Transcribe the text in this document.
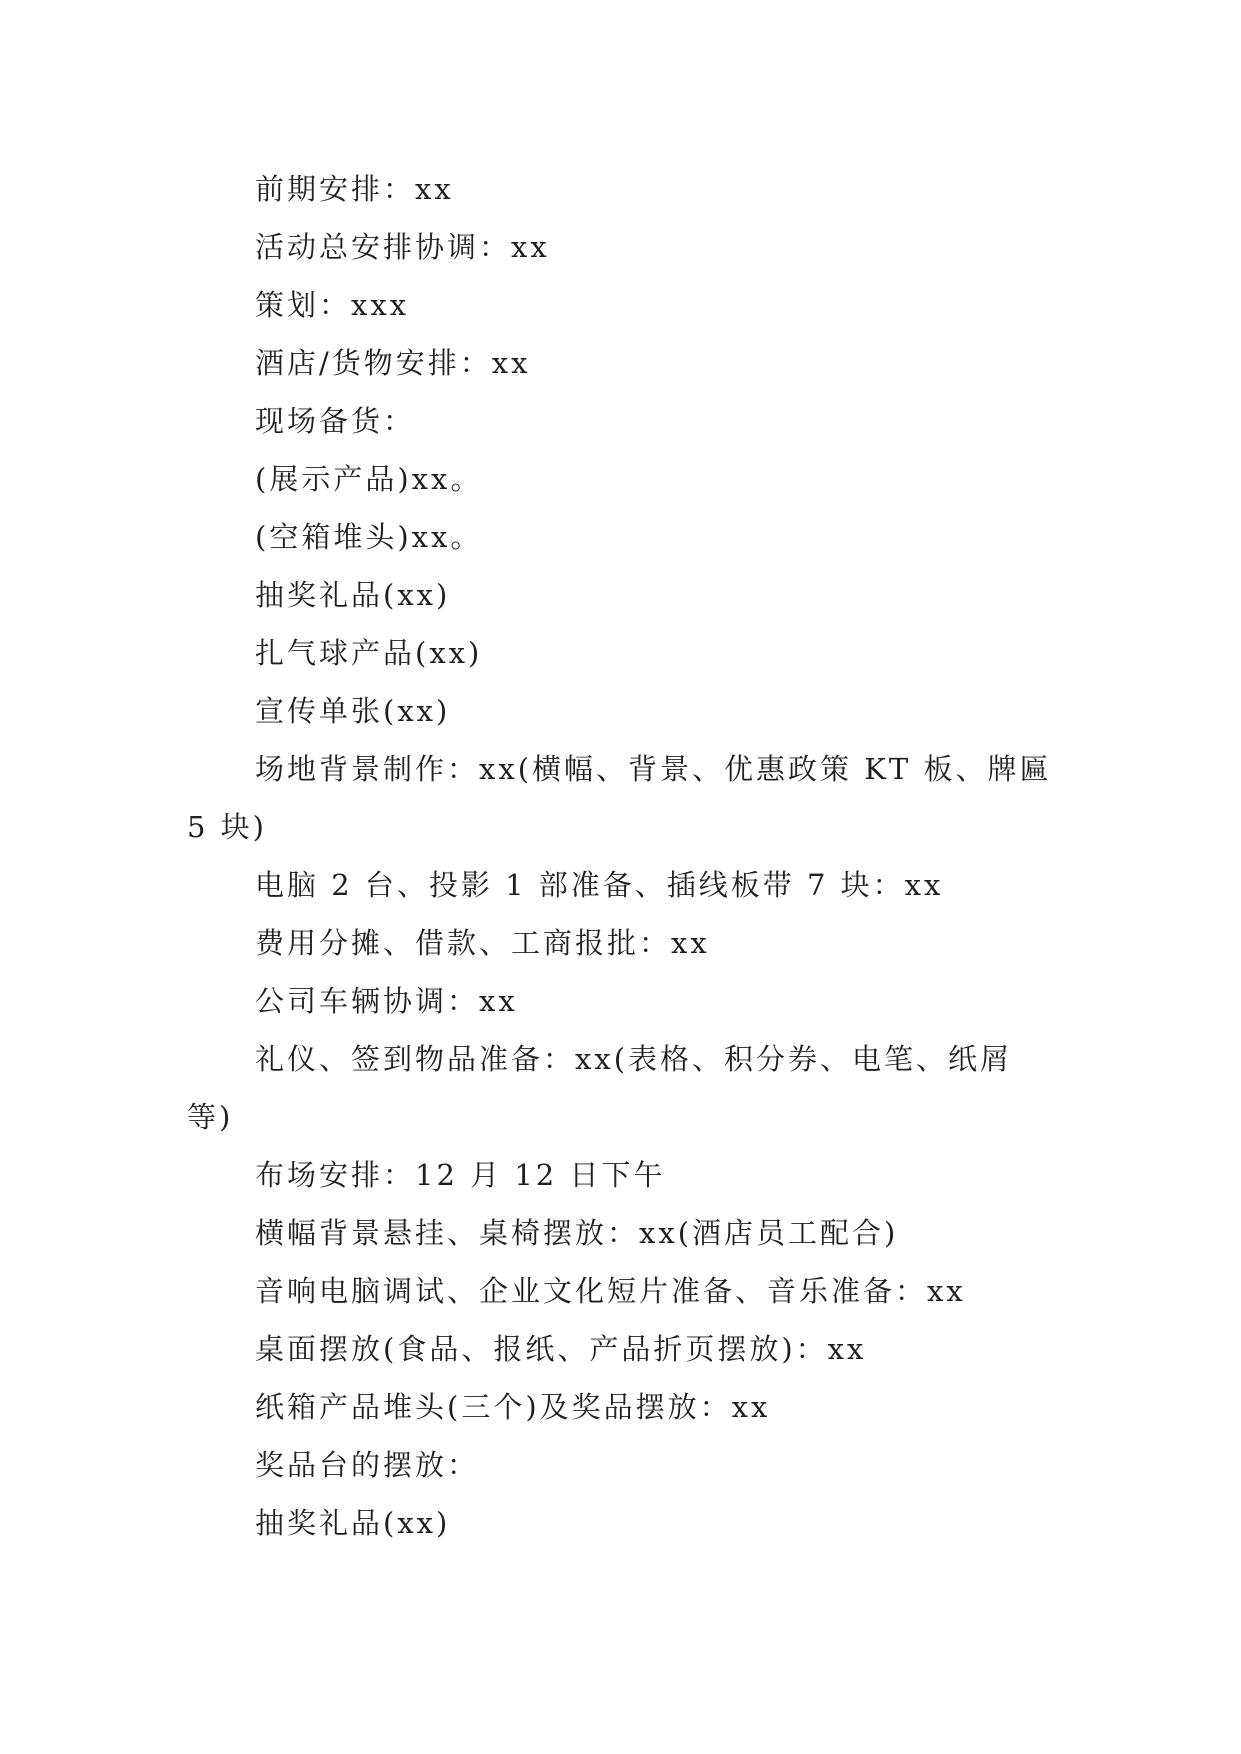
前期安排：xx

活动总安排协调：xx

策划：xxx

酒店/货物安排：xx

现场备货：

(展示产品)xx。

(空箱堆头)xx。

抽奖礼品(xx)

扎气球产品(xx)

宣传单张(xx)

场地背景制作：xx(横幅、背景、优惠政策 KT 板、牌匾 5 块)

电脑 2 台、投影 1 部准备、插线板带 7 块：xx

费用分摊、借款、工商报批：xx

公司车辆协调：xx

礼仪、签到物品准备：xx(表格、积分券、电笔、纸屑等)

布场安排：12 月 12 日下午

横幅背景悬挂、桌椅摆放：xx(酒店员工配合)

音响电脑调试、企业文化短片准备、音乐准备：xx

桌面摆放(食品、报纸、产品折页摆放)：xx

纸箱产品堆头(三个)及奖品摆放：xx

奖品台的摆放：

抽奖礼品(xx)
